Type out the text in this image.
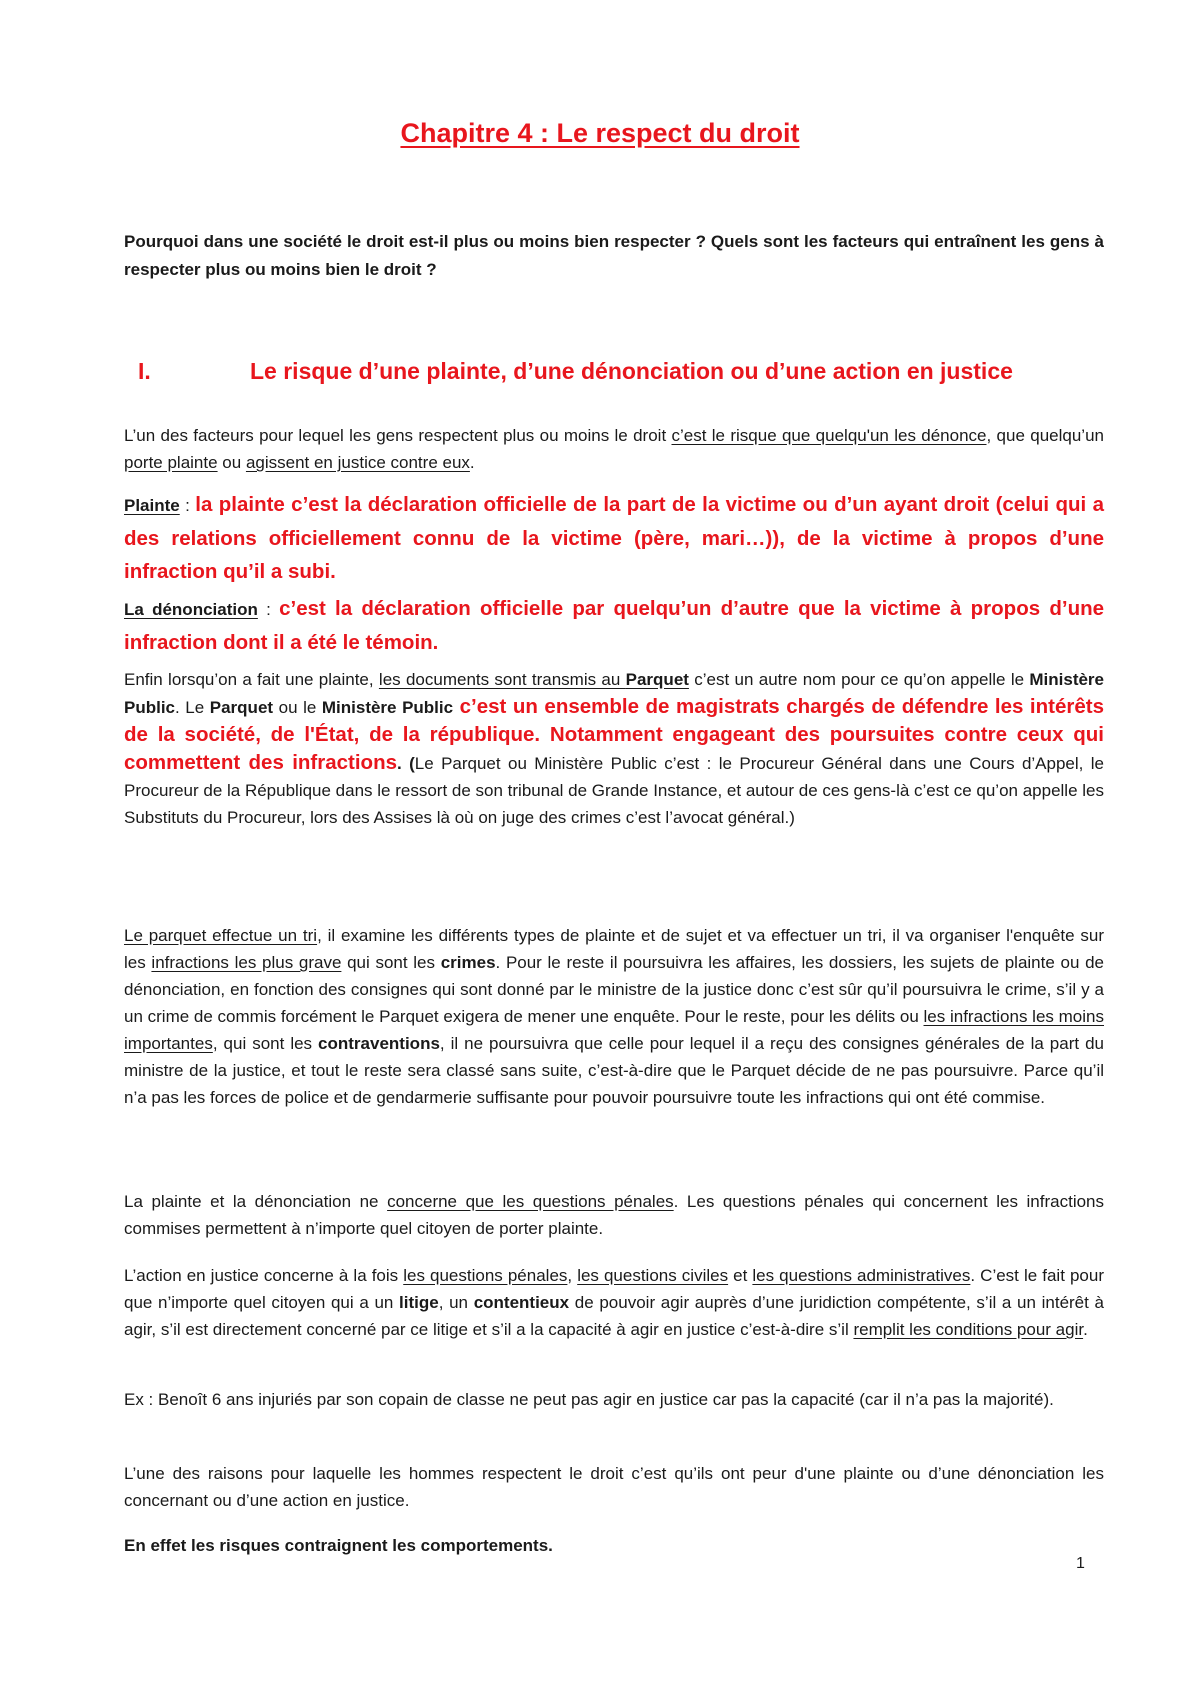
Chapitre 4 : Le respect du droit

Pourquoi dans une société le droit est-il plus ou moins bien respecter ? Quels sont les facteurs qui entraînent les gens à respecter plus ou moins bien le droit ?

I.	Le risque d’une plainte, d’une dénonciation ou d’une action en justice

L’un des facteurs pour lequel les gens respectent plus ou moins le droit c’est le risque que quelqu'un les dénonce, que quelqu’un porte plainte ou agissent en justice contre eux.

Plainte : la plainte c’est la déclaration officielle de la part de la victime ou d’un ayant droit (celui qui a des relations officiellement connu de la victime (père, mari…)), de la victime à propos d’une infraction qu’il a subi.

La dénonciation : c’est la déclaration officielle par quelqu’un d’autre que la victime à propos d’une infraction dont il a été le témoin.

Enfin lorsqu’on a fait une plainte, les documents sont transmis au Parquet c’est un autre nom pour ce qu’on appelle le Ministère Public. Le Parquet ou le Ministère Public c’est un ensemble de magistrats chargés de défendre les intérêts de la société, de l'État, de la république. Notamment engageant des poursuites contre ceux qui commettent des infractions. (Le Parquet ou Ministère Public c’est : le Procureur Général dans une Cours d’Appel, le Procureur de la République dans le ressort de son tribunal de Grande Instance, et autour de ces gens-là c’est ce qu’on appelle les Substituts du Procureur, lors des Assises là où on juge des crimes c’est l’avocat général.)

Le parquet effectue un tri, il examine les différents types de plainte et de sujet et va effectuer un tri, il va organiser l'enquête sur les infractions les plus grave qui sont les crimes. Pour le reste il poursuivra les affaires, les dossiers, les sujets de plainte ou de dénonciation, en fonction des consignes qui sont donné par le ministre de la justice donc c’est sûr qu’il poursuivra le crime, s’il y a un crime de commis forcément le Parquet exigera de mener une enquête. Pour le reste, pour les délits ou les infractions les moins importantes, qui sont les contraventions, il ne poursuivra que celle pour lequel il a reçu des consignes générales de la part du ministre de la justice, et tout le reste sera classé sans suite, c’est-à-dire que le Parquet décide de ne pas poursuivre. Parce qu’il n’a pas les forces de police et de gendarmerie suffisante pour pouvoir poursuivre toute les infractions qui ont été commise.

La plainte et la dénonciation ne concerne que les questions pénales. Les questions pénales qui concernent les infractions commises permettent à n’importe quel citoyen de porter plainte.

L’action en justice concerne à la fois les questions pénales, les questions civiles et les questions administratives. C’est le fait pour que n’importe quel citoyen qui a un litige, un contentieux de pouvoir agir auprès d’une juridiction compétente, s’il a un intérêt à agir, s’il est directement concerné par ce litige et s’il a la capacité à agir en justice c’est-à-dire s’il remplit les conditions pour agir.

Ex : Benoît 6 ans injuriés par son copain de classe ne peut pas agir en justice car pas la capacité (car il n’a pas la majorité).

L’une des raisons pour laquelle les hommes respectent le droit c’est qu’ils ont peur d'une plainte ou d’une dénonciation les concernant ou d’une action en justice.

En effet les risques contraignent les comportements.

1
